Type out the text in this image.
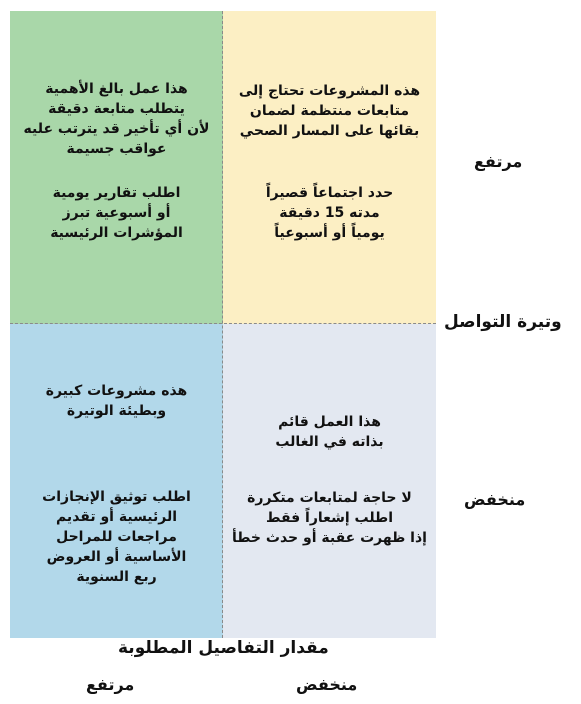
هذا عمل بالغ الأهمية
يتطلب متابعة دقيقة
لأن أي تأخير قد يترتب عليه
عواقب جسيمة
اطلب تقارير يومية
أو أسبوعية تبرز
المؤشرات الرئيسية
هذه المشروعات تحتاج إلى
متابعات منتظمة لضمان
بقائها على المسار الصحي
حدد اجتماعاً قصيراً
مدته 15 دقيقة
يومياً أو أسبوعياً
هذه مشروعات كبيرة
وبطيئة الوتيرة
اطلب توثيق الإنجازات
الرئيسية أو تقديم
مراجعات للمراحل
الأساسية أو العروض
ربع السنوية
هذا العمل قائم
بذاته في الغالب
لا حاجة لمتابعات متكررة
اطلب إشعاراً فقط
إذا ظهرت عقبة أو حدث خطأ
مرتفع
وتيرة التواصل
منخفض
مقدار التفاصيل المطلوبة
مرتفع	منخفض
